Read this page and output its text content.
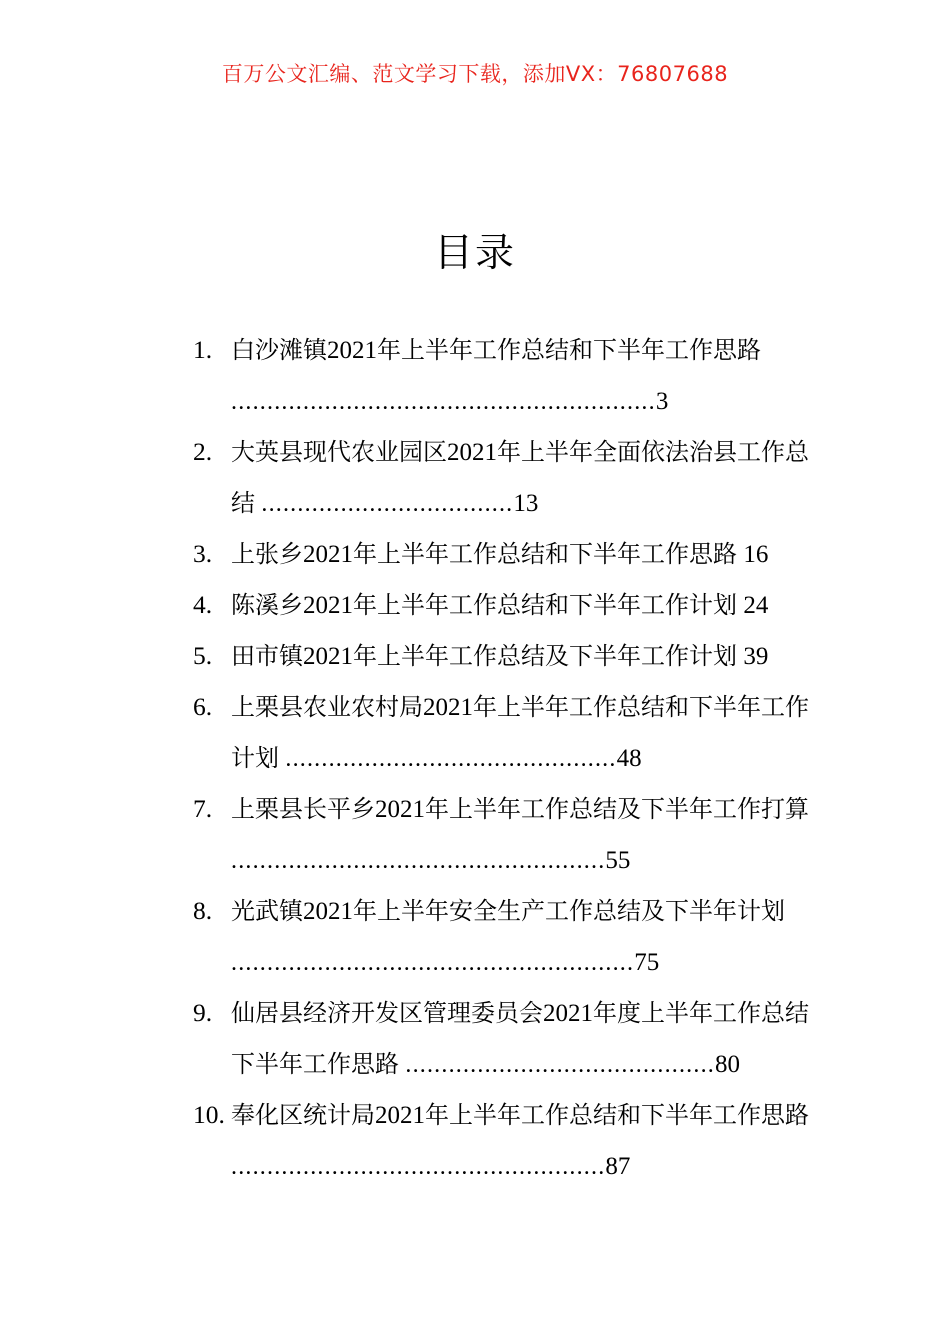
百万公文汇编、范文学习下载，添加VX：76807688
目录
1. 白沙滩镇2021年上半年工作总结和下半年工作思路 ...........................................................3
2. 大英县现代农业园区2021年上半年全面依法治县工作总结 ...................................13
3. 上张乡2021年上半年工作总结和下半年工作思路 16
4. 陈溪乡2021年上半年工作总结和下半年工作计划 24
5. 田市镇2021年上半年工作总结及下半年工作计划 39
6. 上栗县农业农村局2021年上半年工作总结和下半年工作计划 ..............................................48
7. 上栗县长平乡2021年上半年工作总结及下半年工作打算 ....................................................55
8. 光武镇2021年上半年安全生产工作总结及下半年计划 ........................................................75
9. 仙居县经济开发区管理委员会2021年度上半年工作总结下半年工作思路 ...........................................80
10. 奉化区统计局2021年上半年工作总结和下半年工作思路 ....................................................87
